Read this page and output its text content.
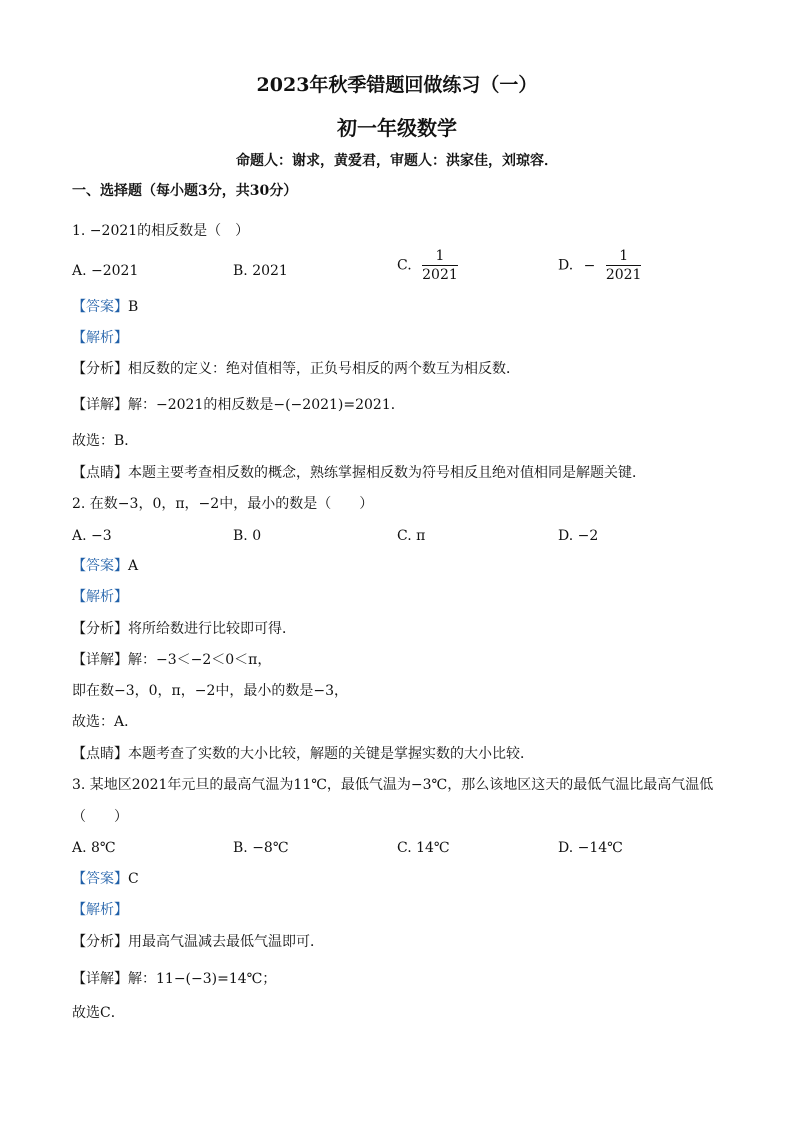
2023年秋季错题回做练习（一）
初一年级数学
命题人：谢求，黄爱君，审题人：洪家佳，刘琼容．
一、选择题（每小题3分，共30分）
1. −2021的相反数是（　）
A. −2021	B. 2021	C. $\frac{1}{2021}$	D. − $\frac{1}{2021}$
【答案】B
【解析】
【分析】相反数的定义：绝对值相等，正负号相反的两个数互为相反数．
【详解】解：−2021的相反数是−(−2021)=2021．
故选：B．
【点睛】本题主要考查相反数的概念，熟练掌握相反数为符号相反且绝对值相同是解题关键．
2. 在数−3，0，π，−2中，最小的数是（　　）
A. −3	B. 0	C. π	D. −2
【答案】A
【解析】
【分析】将所给数进行比较即可得．
【详解】解：−3＜−2＜0＜π，
即在数−3，0，π，−2中，最小的数是−3，
故选：A．
【点睛】本题考查了实数的大小比较，解题的关键是掌握实数的大小比较．
3. 某地区2021年元旦的最高气温为11℃，最低气温为−3℃，那么该地区这天的最低气温比最高气温低
（　　）
A. 8℃	B. −8℃	C. 14℃	D. −14℃
【答案】C
【解析】
【分析】用最高气温减去最低气温即可．
【详解】解：11−(−3)=14℃；
故选C．
